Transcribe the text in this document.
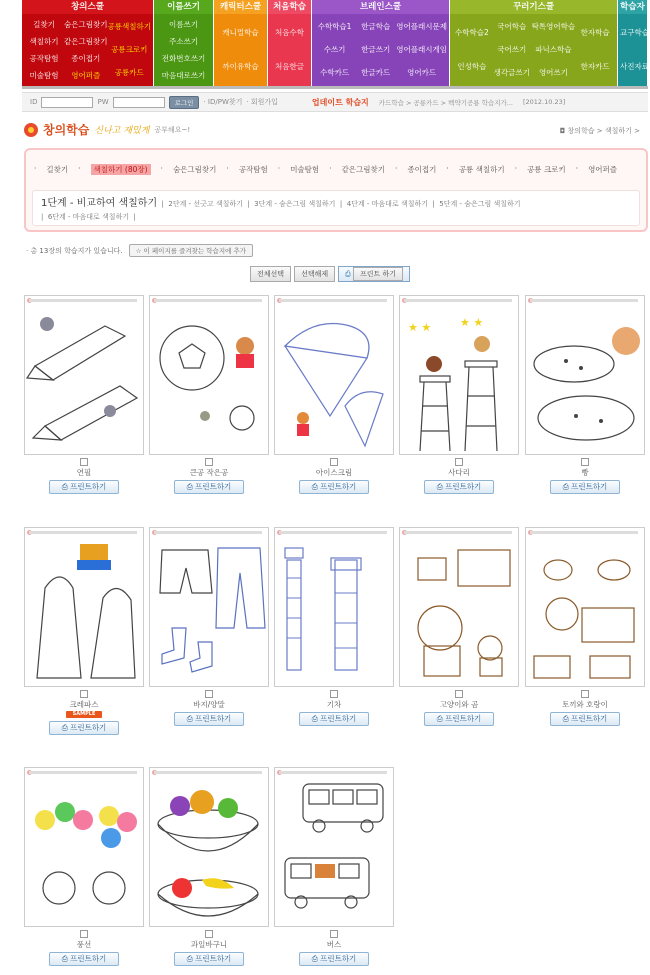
창의스쿨
길찾기
색칠하기
공작탐험
미술탐험
숨은그림찾기
같은그림찾기
종이접기
영어퍼즐
공룡색칠하기
공룡크로키
공룡카드
이름쓰기
이름쓰기
주소쓰기
전화번호쓰기
마음대로쓰기
캐릭터스쿨
캐니멀학습
까이유학습
처음학습
처음수학
처음한글
브레인스쿨
수학학습1
수쓰기
수학카드
한글학습
한글쓰기
한글카드
영어플래시문제
영어플래시게임
영어카드
꾸러기스쿨
수학학습2
인성학습
국어학습
국어쓰기
생각글쓰기
탁톡영어학습
파닉스학습
영어쓰기
한자학습
한자카드
학습자
교구학습
사진자료
ID	PW	로그인	· ID/PW찾기 · 회원가입	업데이트 학습지 카드학습 > 공룡카드 > 벡약기공룡 학습지가... [2012.10.23]
창의학습 신나고 재밌게 공부해요~!	◘ 창의학습 > 색칠하기 >
· 길찾기 ·	색칠하기 (80장)	· 숨은그림찾기 · 공작탐험 · 미술탐험 · 같은그림찾기 · 종이접기 · 공룡 색칠하기 · 공룡 크로키 · 영어퍼즐
1단계 - 비교하여 색칠하기  |  2단계 - 선긋고 색칠하기  |  3단계 - 숨은그림 색칠하기  |  4단계 - 마음대로 색칠하기  |  5단계 - 숨은그림 색칠하기
|  6단계 - 마음대로 색칠하기  |
· 총 13장의 학습지가 있습니다.	☆ 이 페이지를 즐겨찾는 학습지에 추가
전체선택	선택해제	⎙ 프린트 하기
연필
⎙ 프린트하기
큰공 작은공
⎙ 프린트하기
아이스크림
⎙ 프린트하기
★ ★	★ ★
사다리
⎙ 프린트하기
빵
⎙ 프린트하기
크레파스
SAMPLE
⎙ 프린트하기
바지/양말
⎙ 프린트하기
기차
⎙ 프린트하기
고양이와 곰
⎙ 프린트하기
토끼와 호랑이
⎙ 프린트하기
풍선
⎙ 프린트하기
과일바구니
⎙ 프린트하기
버스
⎙ 프린트하기
